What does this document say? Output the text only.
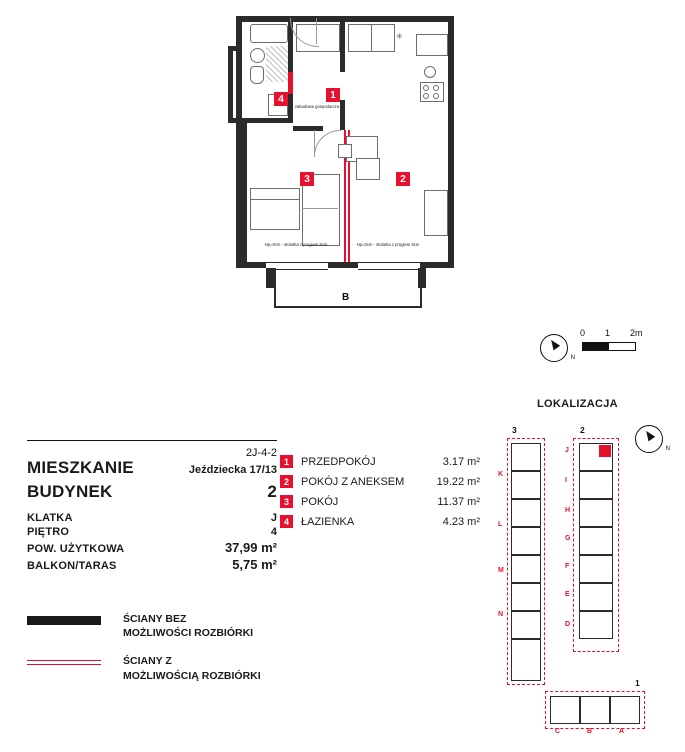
zabudowa gospodarcza
✳
Hp=0cm - stolarka z progiem 5cm	Hp=0cm - stolarka z progiem 5cm
B
1
2
3
4
N
0 1 2m
2J-4-2
MIESZKANIE	Jeździecka 17/13
BUDYNEK	2
KLATKA	J
PIĘTRO	4
POW. UŻYTKOWA	37,99 m²
BALKON/TARAS	5,75 m²
1	PRZEDPOKÓJ	3.17 m²
2	POKÓJ Z ANEKSEM	19.22 m²
3	POKÓJ	11.37 m²
4	ŁAZIENKA	4.23 m²
ŚCIANY BEZ
MOŻLIWOŚCI ROZBIÓRKI
ŚCIANY Z
MOŻLIWOŚCIĄ ROZBIÓRKI
LOKALIZACJA
N
3	2
1
K
L
M
N
J
I
H
G
F
E
D
C	B	A
